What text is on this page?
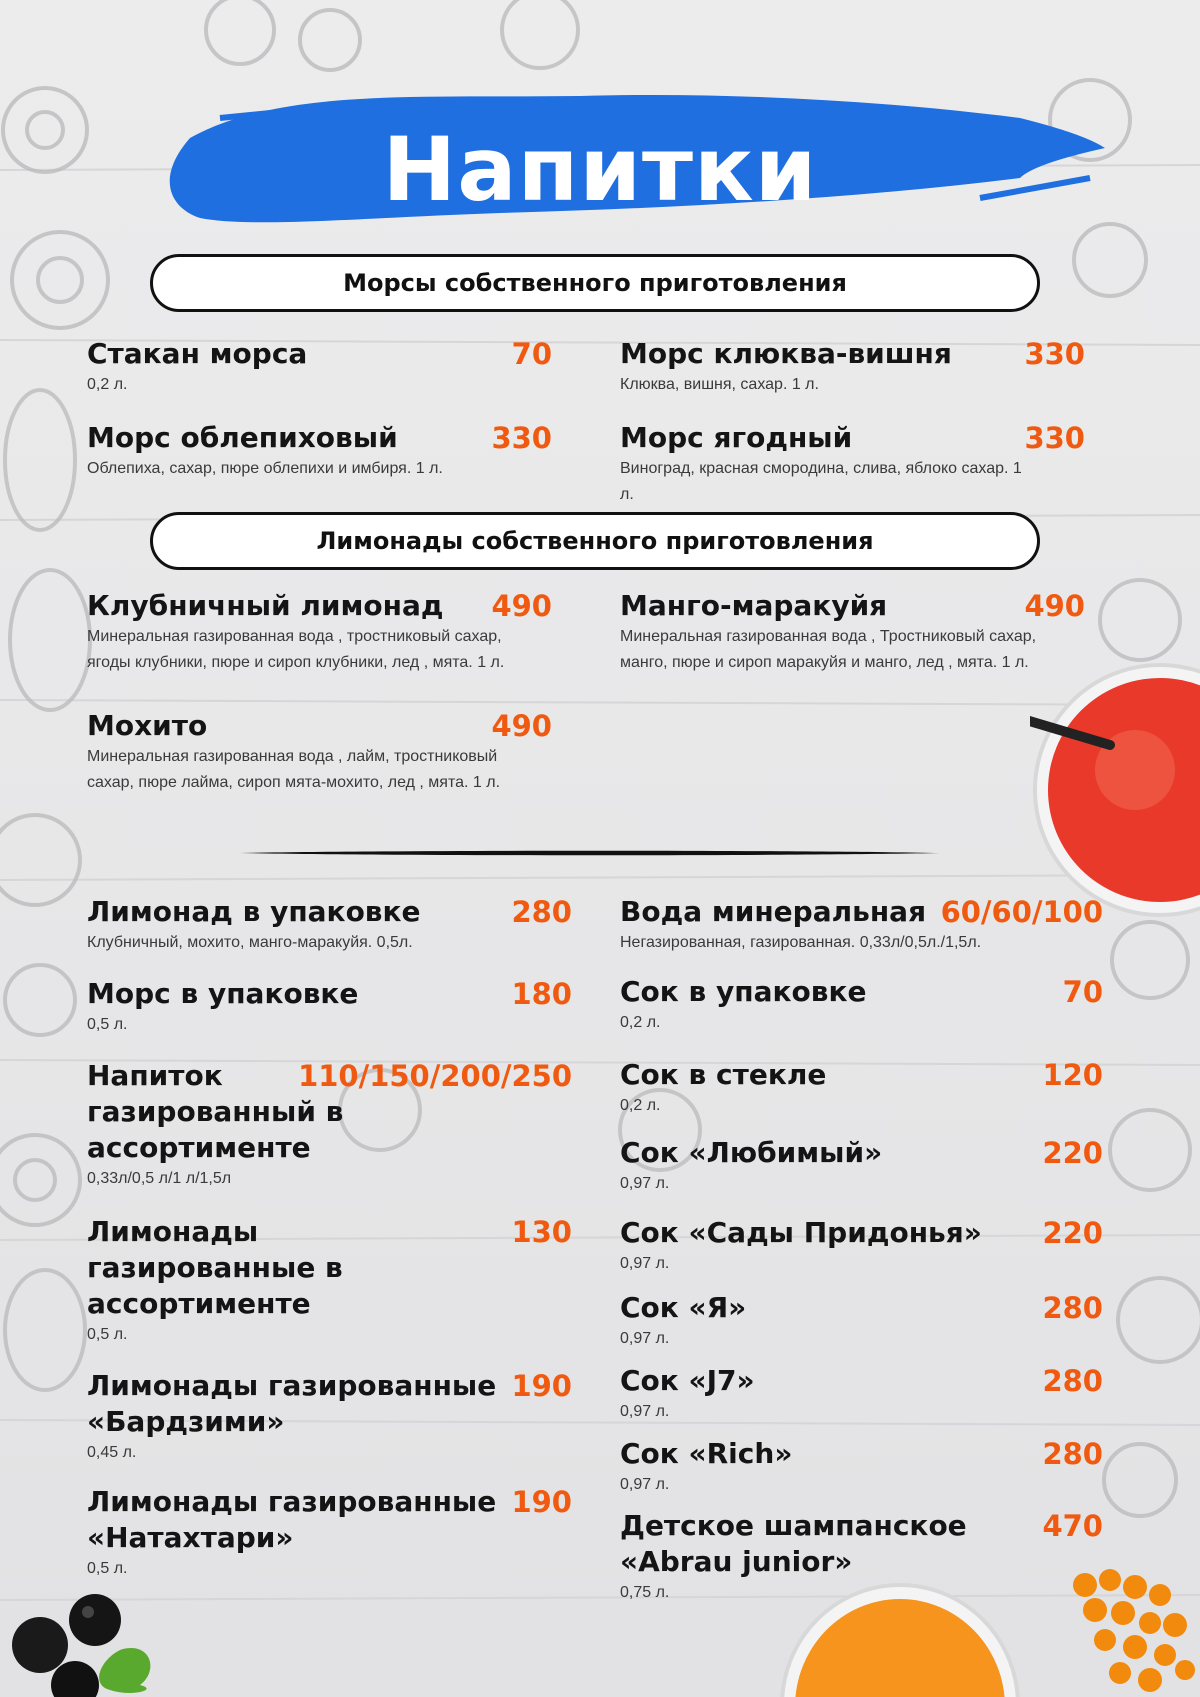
Напитки
Морсы собственного приготовления
Лимонады собственного приготовления
Стакан морса	70
0,2 л.
Морс клюква-вишня	330
Клюква, вишня, сахар. 1 л.
Морс облепиховый	330
Облепиха, сахар, пюре облепихи и имбиря. 1 л.
Морс ягодный	330
Виноград, красная смородина, слива, яблоко сахар. 1 л.
Клубничный лимонад	490
Минеральная газированная вода , тростниковый сахар, ягоды клубники, пюре и сироп клубники, лед , мята. 1 л.
Манго-маракуйя	490
Минеральная газированная вода , Тростниковый сахар, манго, пюре и сироп маракуйя и манго, лед , мята. 1 л.
Мохито	490
Минеральная газированная вода , лайм, тростниковый сахар, пюре лайма, сироп мята-мохито, лед , мята. 1 л.
Лимонад в упаковке	280
Клубничный, мохито, манго-маракуйя. 0,5л.
Морс в упаковке	180
0,5 л.
Напиток газированный в ассортименте
110/150/200/250
0,33л/0,5 л/1 л/1,5л
Лимонады газированные в ассортименте
130
0,5 л.
Лимонады газированные «Бардзими»
190
0,45 л.
Лимонады газированные «Натахтари»
190
0,5 л.
Вода минеральная 60/60/100
Негазированная, газированная. 0,33л/0,5л./1,5л.
Сок в упаковке	70
0,2 л.
Сок в стекле	120
0,2 л.
Сок «Любимый»	220
0,97 л.
Сок «Сады Придонья»	220
0,97 л.
Сок «Я»	280
0,97 л.
Сок «J7»	280
0,97 л.
Сок «Rich»	280
0,97 л.
Детское шампанское «Abrau junior»
470
0,75 л.
